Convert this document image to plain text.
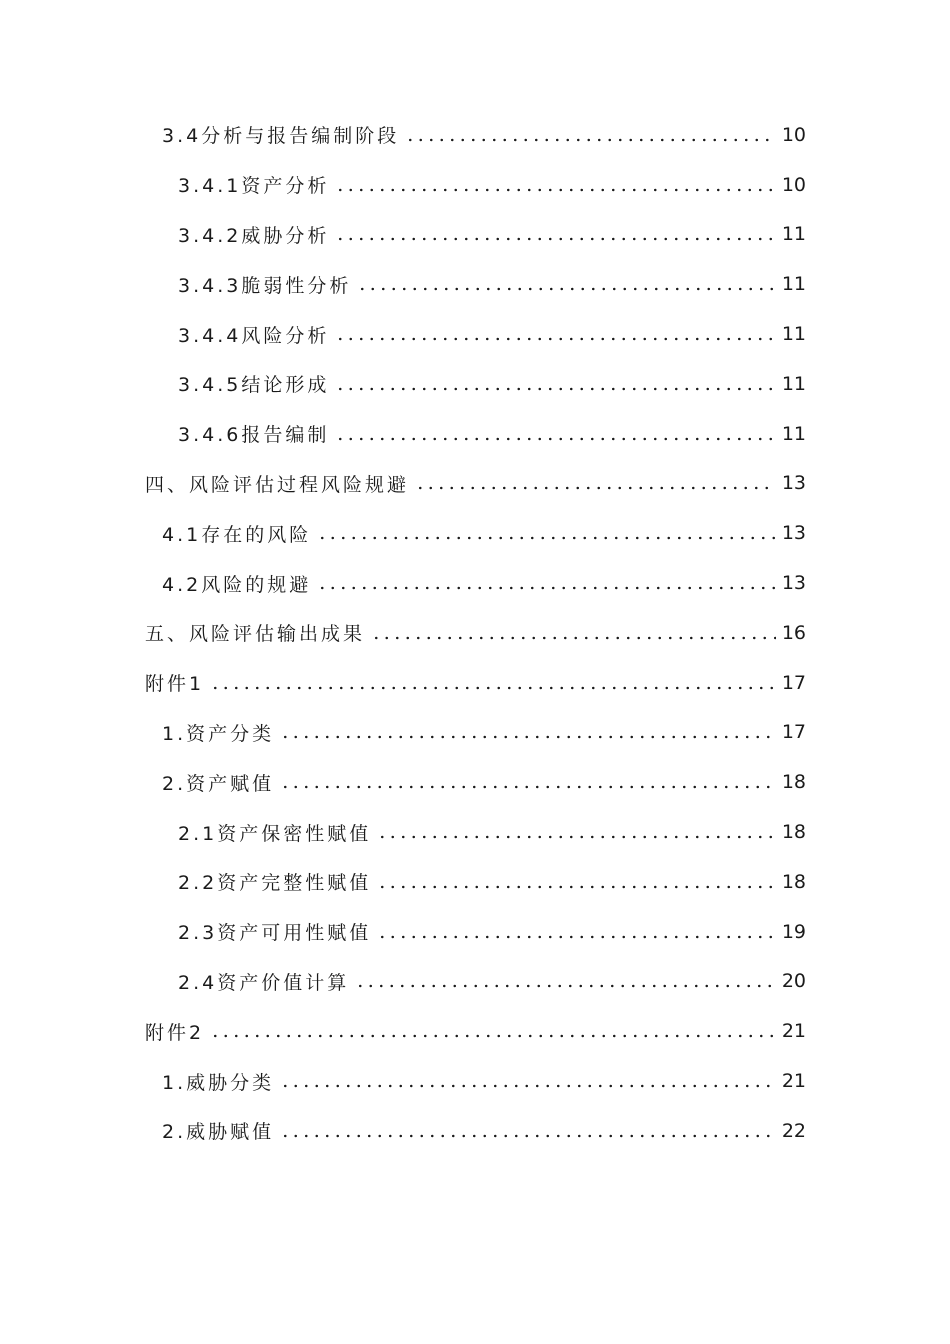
3.4分析与报告编制阶段	10
3.4.1资产分析	10
3.4.2威胁分析	11
3.4.3脆弱性分析	11
3.4.4风险分析	11
3.4.5结论形成	11
3.4.6报告编制	11
四、风险评估过程风险规避	13
4.1存在的风险	13
4.2风险的规避	13
五、风险评估输出成果	16
附件1	17
1.资产分类	17
2.资产赋值	18
2.1资产保密性赋值	18
2.2资产完整性赋值	18
2.3资产可用性赋值	19
2.4资产价值计算	20
附件2	21
1.威胁分类	21
2.威胁赋值	22
